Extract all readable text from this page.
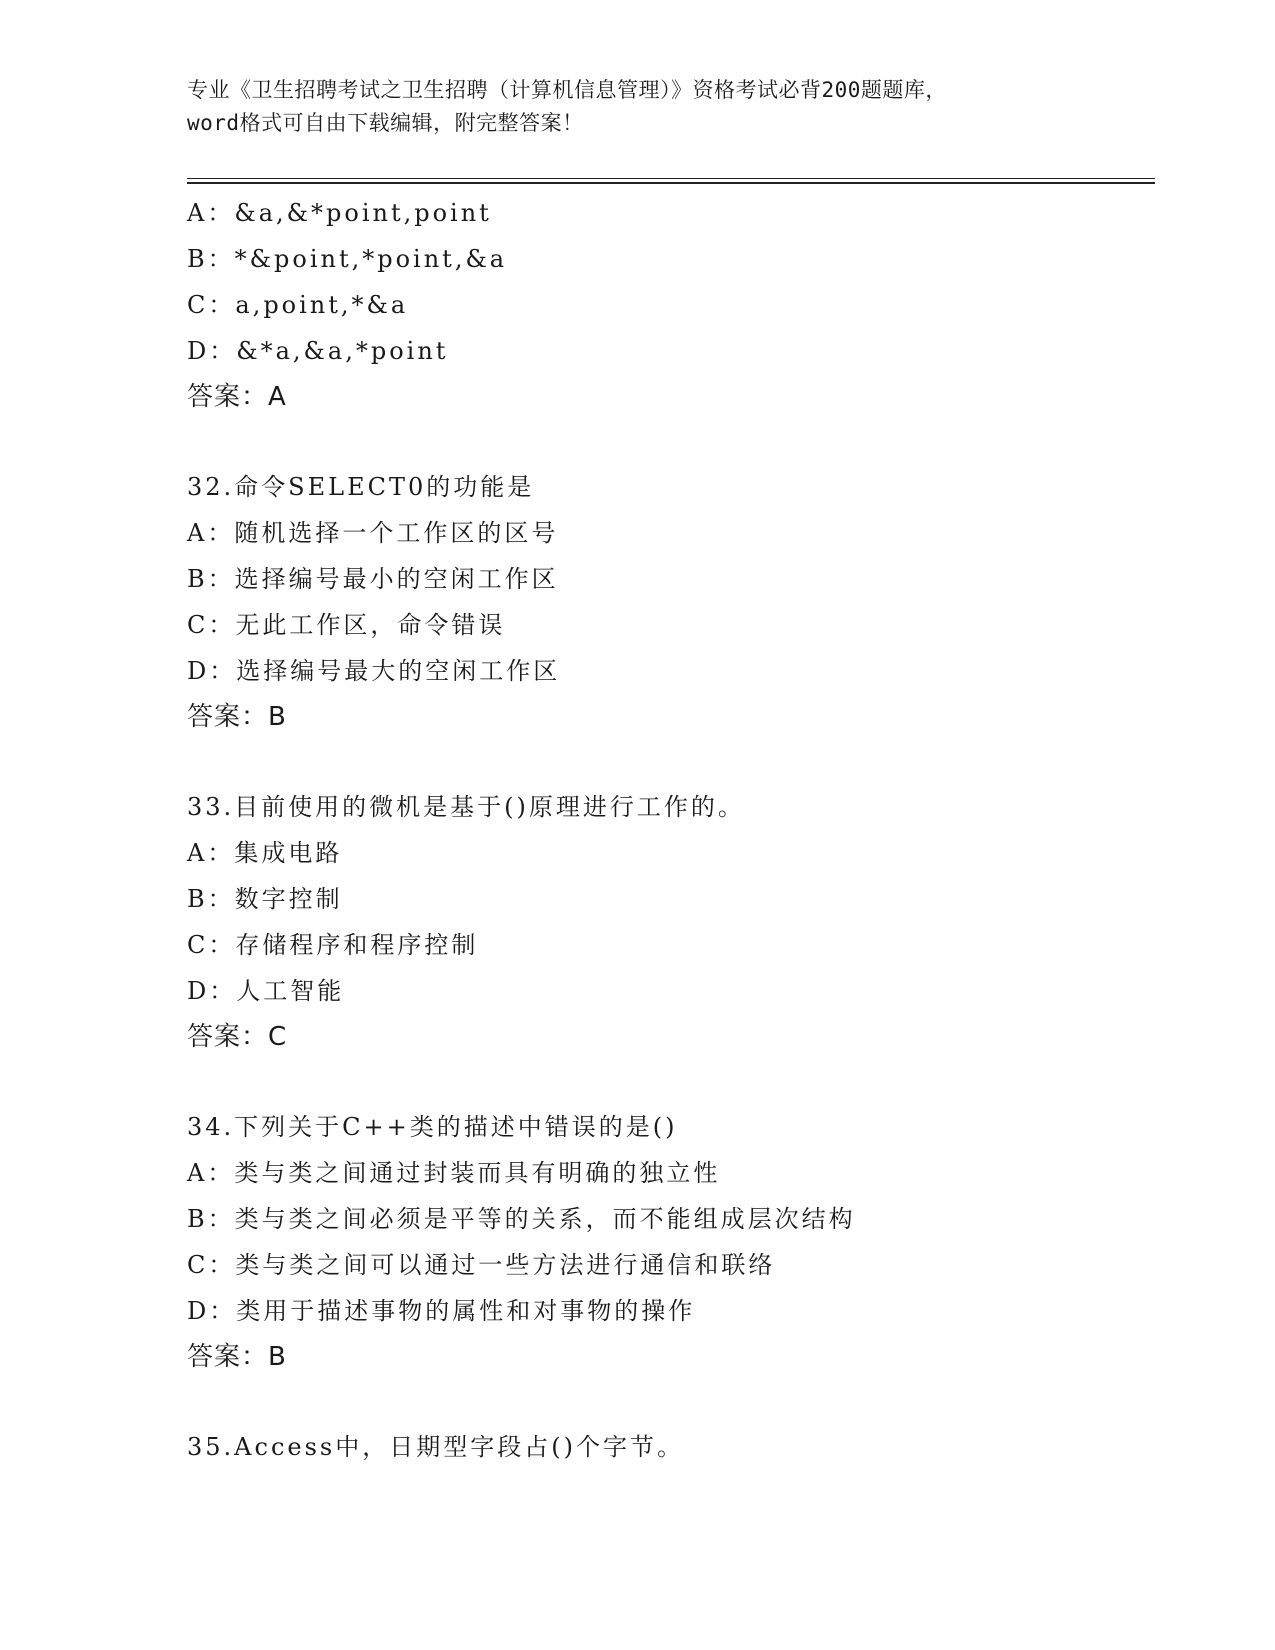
专业《卫生招聘考试之卫生招聘（计算机信息管理）》资格考试必背200题题库，
word格式可自由下载编辑，附完整答案！
A：&a,&*point,point
B：*&point,*point,&a
C：a,point,*&a
D：&*a,&a,*point
答案：A
32.命令SELECT0的功能是
A：随机选择一个工作区的区号
B：选择编号最小的空闲工作区
C：无此工作区，命令错误
D：选择编号最大的空闲工作区
答案：B
33.目前使用的微机是基于()原理进行工作的。
A：集成电路
B：数字控制
C：存储程序和程序控制
D：人工智能
答案：C
34.下列关于C++类的描述中错误的是()
A：类与类之间通过封装而具有明确的独立性
B：类与类之间必须是平等的关系，而不能组成层次结构
C：类与类之间可以通过一些方法进行通信和联络
D：类用于描述事物的属性和对事物的操作
答案：B
35.Access中，日期型字段占()个字节。
